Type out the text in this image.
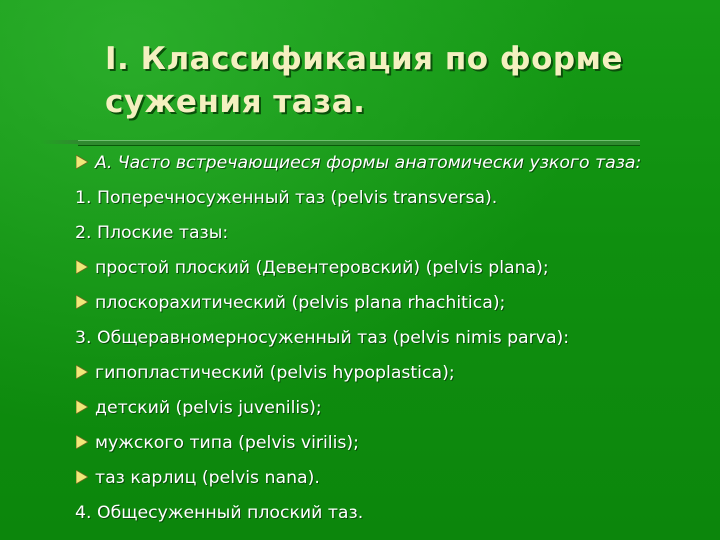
I. Классификация по форме
сужения таза.
А. Часто встречающиеся формы анатомически узкого таза:
1. Поперечносуженный таз (pelvis transversa).
2. Плоские тазы:
простой плоский (Девентеровский) (pelvis plana);
плоскорахитический (pelvis plana rhachitica);
3. Общеравномерносуженный таз (pelvis nimis parva):
гипопластический (pelvis hypoplastica);
детский (pelvis juvenilis);
мужского типа (pelvis virilis);
таз карлиц (pelvis nana).
4. Общесуженный плоский таз.
